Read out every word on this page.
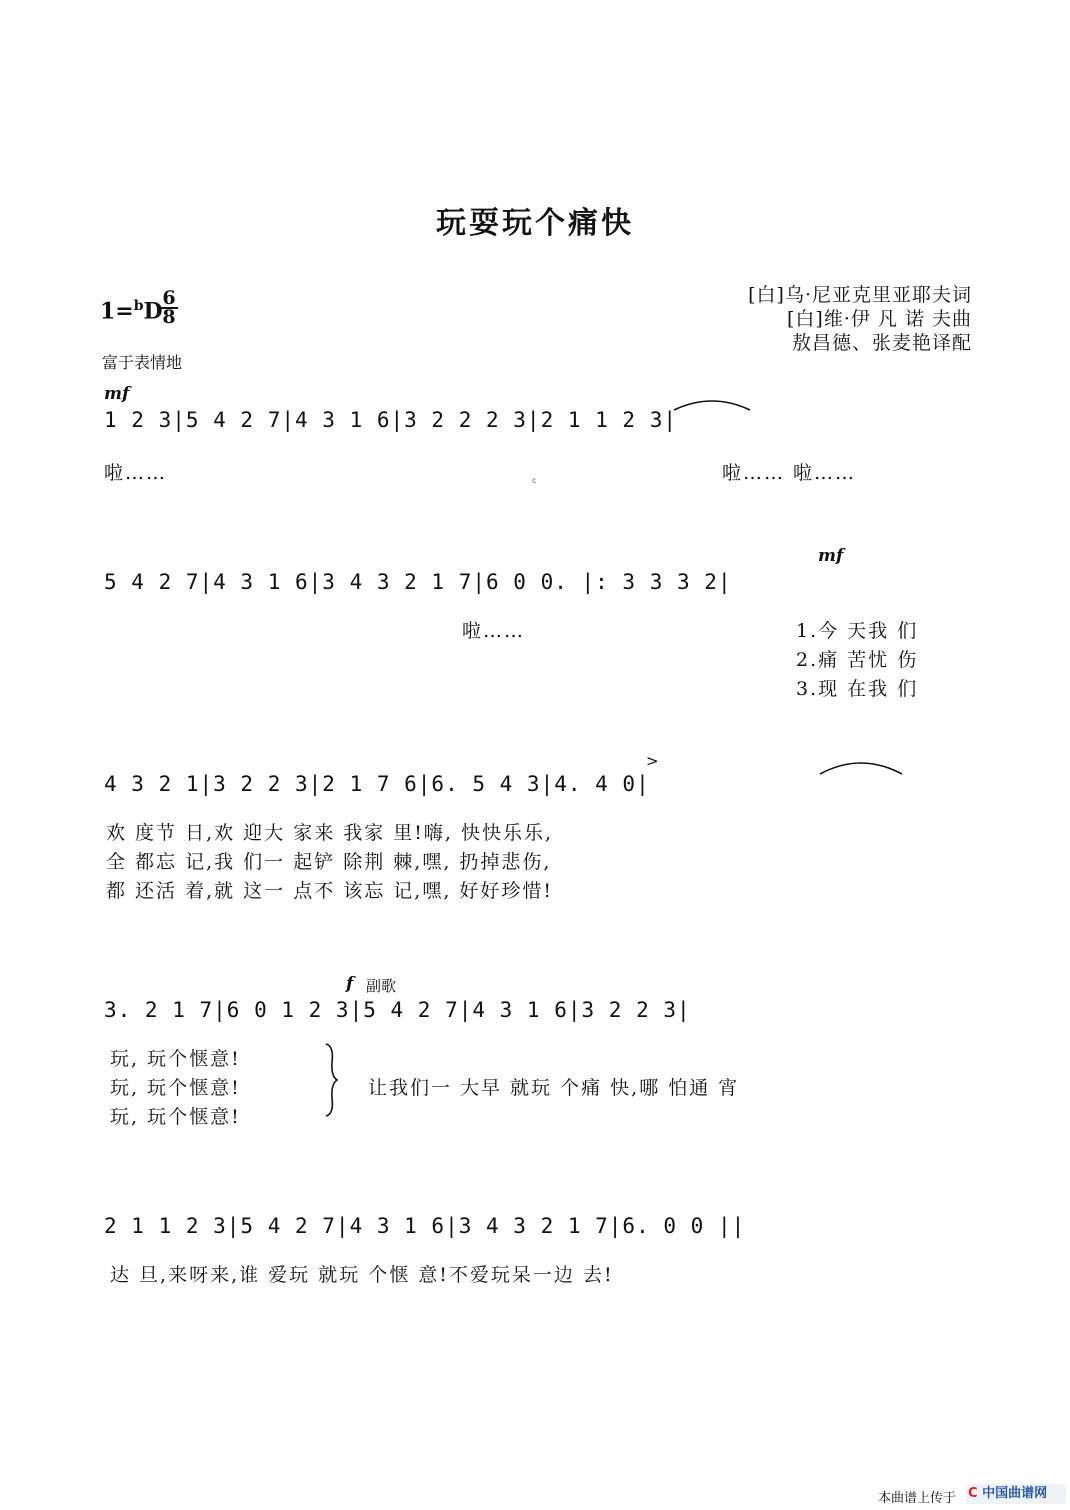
玩耍玩个痛快
[白]乌·尼亚克里亚耶夫词
[白]维·伊 凡 诺 夫曲
敖昌德、张麦艳译配
1=$^b$D
6
8
富于表情地
mf
1 2 3|5 4 2 7|4 3 1 6|3 2 2 2 3|2 1 1 2 3|
啦……	啦…… 啦……
mf
5 4 2 7|4 3 1 6|3 4 3 2 1 7|6 0 0. |: 3 3 3 2|
啦……	1.今 天我 们
2.痛 苦忧 伤
3.现 在我 们
>
4 3 2 1|3 2 2 3|2 1 7 6|6. 5 4 3|4. 4 0|
欢 度节 日,欢 迎大 家来 我家 里!嗨, 快快乐乐,
全 都忘 记,我 们一 起铲 除荆 棘,嘿, 扔掉悲伤,
都 还活 着,就 这一 点不 该忘 记,嘿, 好好珍惜!
f 副歌
3. 2 1 7|6 0 1 2 3|5 4 2 7|4 3 1 6|3 2 2 3|
玩, 玩个惬意!
玩, 玩个惬意!
玩, 玩个惬意!
让我们一 大早 就玩 个痛 快,哪 怕通 宵
2 1 1 2 3|5 4 2 7|4 3 1 6|3 4 3 2 1 7|6. 0 0 ||
达 旦,来呀来,谁 爱玩 就玩 个惬 意!不爱玩呆一边 去!
c
本曲谱上传于 C 中国曲谱网
